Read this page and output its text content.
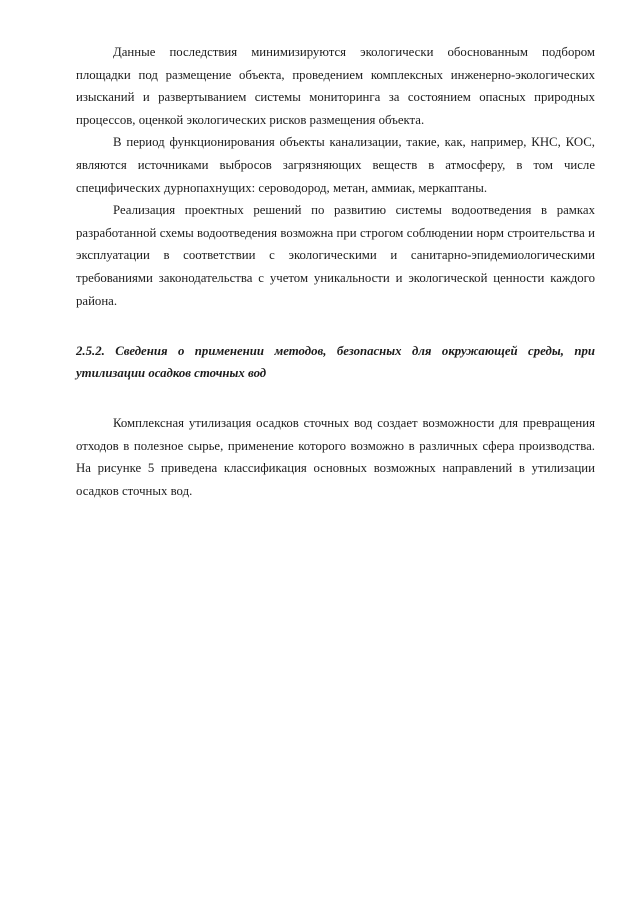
Данные последствия минимизируются экологически обоснованным подбором площадки под размещение объекта, проведением комплексных инженерно-экологических изысканий и развертыванием системы мониторинга за состоянием опасных природных процессов, оценкой экологических рисков размещения объекта.

В период функционирования объекты канализации, такие, как, например, КНС, КОС, являются источниками выбросов загрязняющих веществ в атмосферу, в том числе специфических дурнопахнущих: сероводород, метан, аммиак, меркаптаны.

Реализация проектных решений по развитию системы водоотведения в рамках разработанной схемы водоотведения возможна при строгом соблюдении норм строительства и эксплуатации в соответствии с экологическими и санитарно-эпидемиологическими требованиями законодательства с учетом уникальности и экологической ценности каждого района.

2.5.2. Сведения о применении методов, безопасных для окружающей среды, при утилизации осадков сточных вод

Комплексная утилизация осадков сточных вод создает возможности для превращения отходов в полезное сырье, применение которого возможно в различных сфера производства. На рисунке 5 приведена классификация основных возможных направлений в утилизации осадков сточных вод.
